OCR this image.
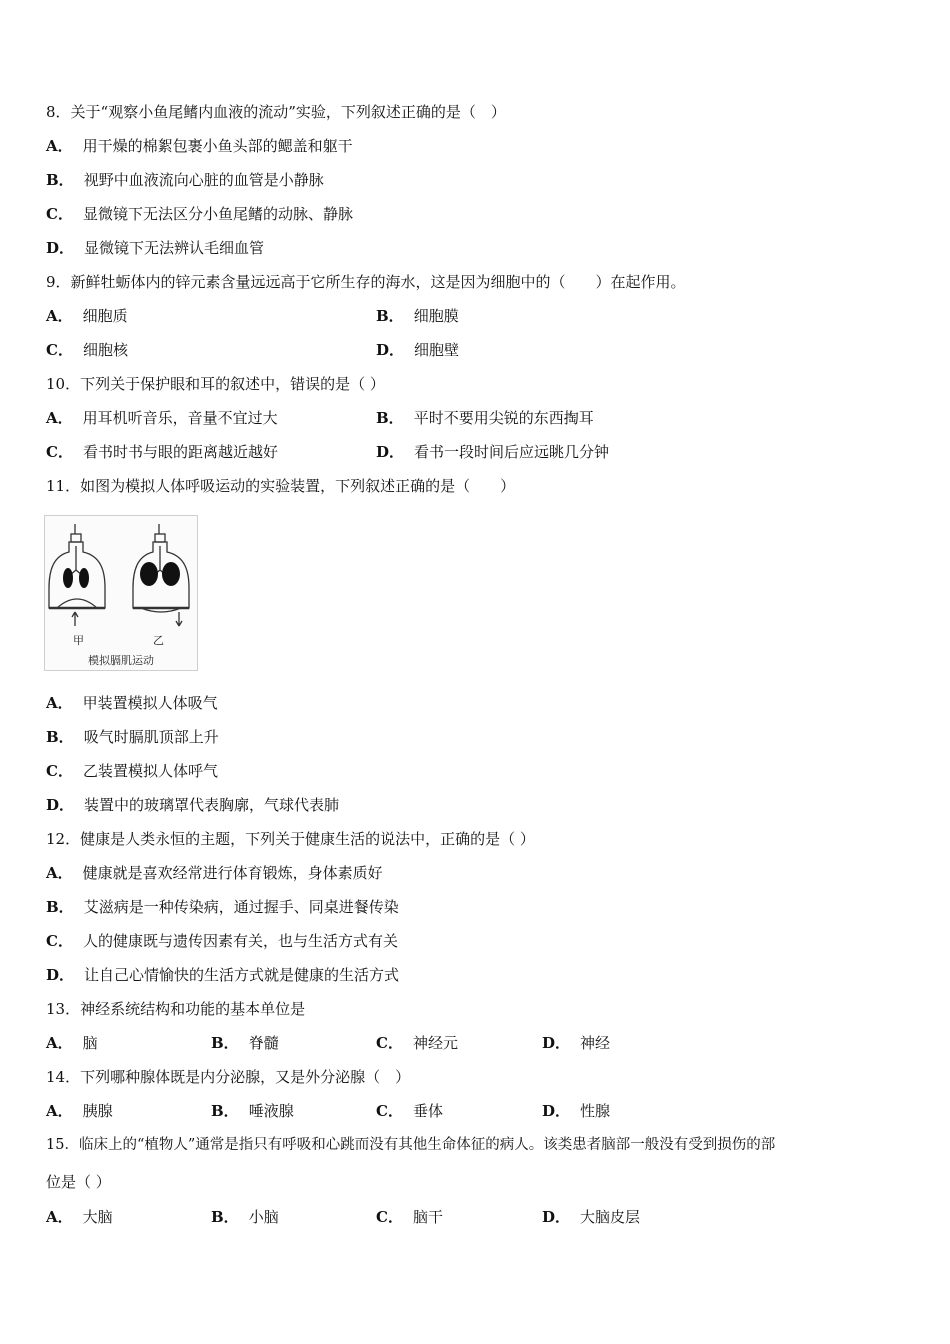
8．关于“观察小鱼尾鳍内血液的流动”实验，下列叙述正确的是（　）
A． 用干燥的棉絮包裹小鱼头部的鳃盖和躯干
B． 视野中血液流向心脏的血管是小静脉
C． 显微镜下无法区分小鱼尾鳍的动脉、静脉
D． 显微镜下无法辨认毛细血管
9．新鲜牡蛎体内的锌元素含量远远高于它所生存的海水，这是因为细胞中的（　　）在起作用。
A． 细胞质	B． 细胞膜
C． 细胞核	D． 细胞壁
10．下列关于保护眼和耳的叙述中，错误的是（ ）
A． 用耳机听音乐，音量不宜过大	B． 平时不要用尖锐的东西掏耳
C． 看书时书与眼的距离越近越好	D． 看书一段时间后应远眺几分钟
11．如图为模拟人体呼吸运动的实验装置，下列叙述正确的是（　　）
甲	乙
模拟膈肌运动
A． 甲装置模拟人体吸气
B． 吸气时膈肌顶部上升
C． 乙装置模拟人体呼气
D． 装置中的玻璃罩代表胸廓，气球代表肺
12．健康是人类永恒的主题，下列关于健康生活的说法中，正确的是（ ）
A． 健康就是喜欢经常进行体育锻炼，身体素质好
B． 艾滋病是一种传染病，通过握手、同桌进餐传染
C． 人的健康既与遗传因素有关，也与生活方式有关
D． 让自己心情愉快的生活方式就是健康的生活方式
13．神经系统结构和功能的基本单位是
A． 脑	B． 脊髓	C． 神经元	D． 神经
14．下列哪种腺体既是内分泌腺，又是外分泌腺（　）
A． 胰腺	B． 唾液腺	C． 垂体	D． 性腺
15．临床上的“植物人”通常是指只有呼吸和心跳而没有其他生命体征的病人。该类患者脑部一般没有受到损伤的部
位是（ ）
A． 大脑	B． 小脑	C． 脑干	D． 大脑皮层
